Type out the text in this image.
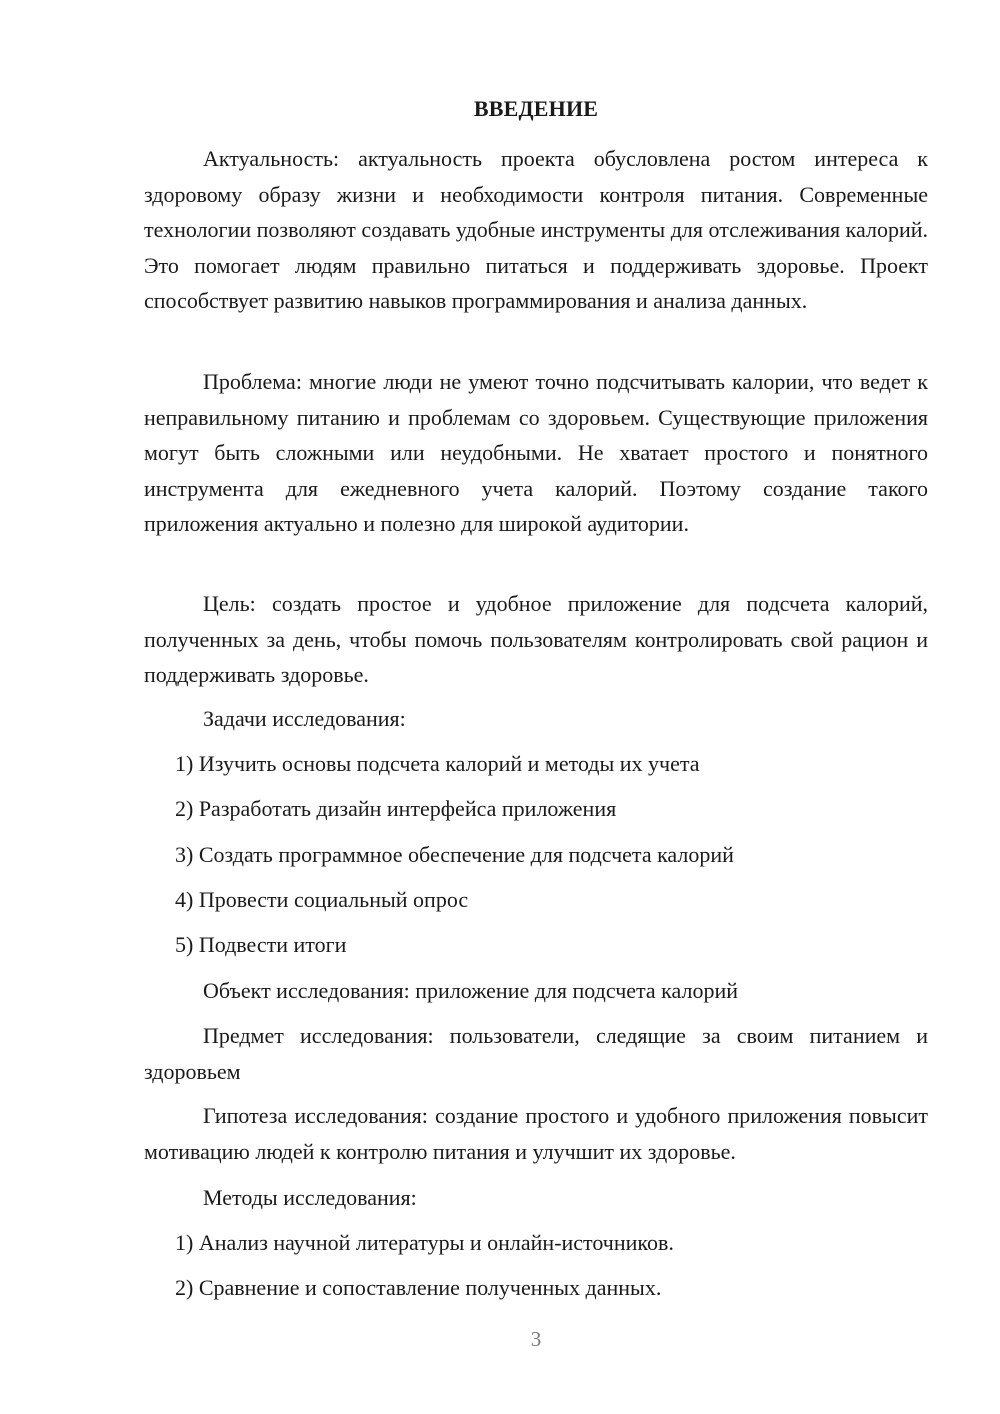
ВВЕДЕНИЕ

Актуальность: актуальность проекта обусловлена ростом интереса к здоровому образу жизни и необходимости контроля питания. Современные технологии позволяют создавать удобные инструменты для отслеживания калорий. Это помогает людям правильно питаться и поддерживать здоровье. Проект способствует развитию навыков программирования и анализа данных.

Проблема: многие люди не умеют точно подсчитывать калории, что ведет к неправильному питанию и проблемам со здоровьем. Существующие приложения могут быть сложными или неудобными. Не хватает простого и понятного инструмента для ежедневного учета калорий. Поэтому создание такого приложения актуально и полезно для широкой аудитории.

Цель: создать простое и удобное приложение для подсчета калорий, полученных за день, чтобы помочь пользователям контролировать свой рацион и поддерживать здоровье.

Задачи исследования:

1) Изучить основы подсчета калорий и методы их учета

2) Разработать дизайн интерфейса приложения

3) Создать программное обеспечение для подсчета калорий

4) Провести социальный опрос

5) Подвести итоги

Объект исследования: приложение для подсчета калорий

Предмет исследования: пользователи, следящие за своим питанием и здоровьем

Гипотеза исследования: создание простого и удобного приложения повысит мотивацию людей к контролю питания и улучшит их здоровье.

Методы исследования:

1) Анализ научной литературы и онлайн-источников.

2) Сравнение и сопоставление полученных данных.

3
